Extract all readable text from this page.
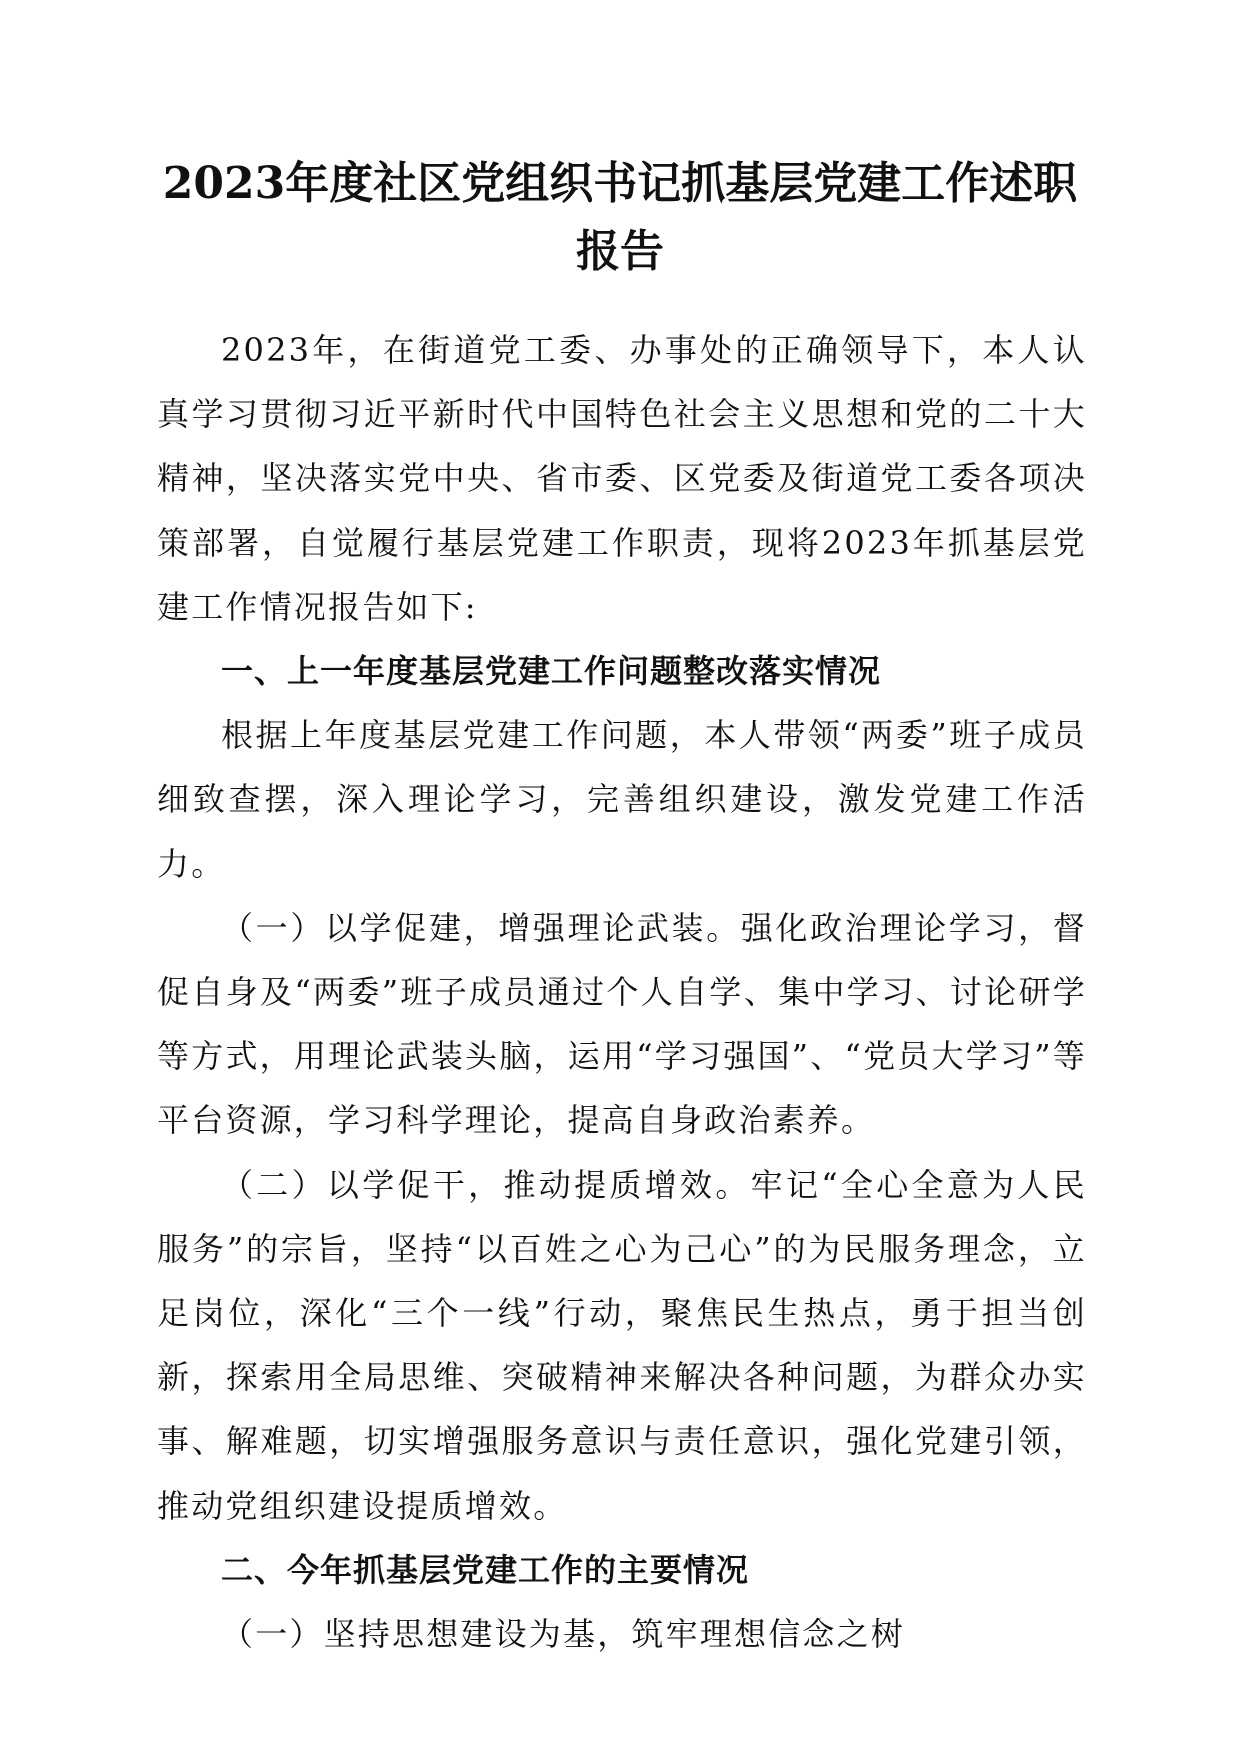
2023年度社区党组织书记抓基层党建工作述职报告

2023年，在街道党工委、办事处的正确领导下，本人认真学习贯彻习近平新时代中国特色社会主义思想和党的二十大精神，坚决落实党中央、省市委、区党委及街道党工委各项决策部署，自觉履行基层党建工作职责，现将2023年抓基层党建工作情况报告如下:

一、上一年度基层党建工作问题整改落实情况

根据上年度基层党建工作问题，本人带领“两委”班子成员细致查摆，深入理论学习，完善组织建设，激发党建工作活力。

（一）以学促建，增强理论武装。强化政治理论学习，督促自身及“两委”班子成员通过个人自学、集中学习、讨论研学等方式，用理论武装头脑，运用“学习强国”、“党员大学习”等平台资源，学习科学理论，提高自身政治素养。

（二）以学促干，推动提质增效。牢记“全心全意为人民服务”的宗旨，坚持“以百姓之心为己心”的为民服务理念，立足岗位，深化“三个一线”行动，聚焦民生热点，勇于担当创新，探索用全局思维、突破精神来解决各种问题，为群众办实事、解难题，切实增强服务意识与责任意识，强化党建引领，推动党组织建设提质增效。

二、今年抓基层党建工作的主要情况

（一）坚持思想建设为基，筑牢理想信念之树
